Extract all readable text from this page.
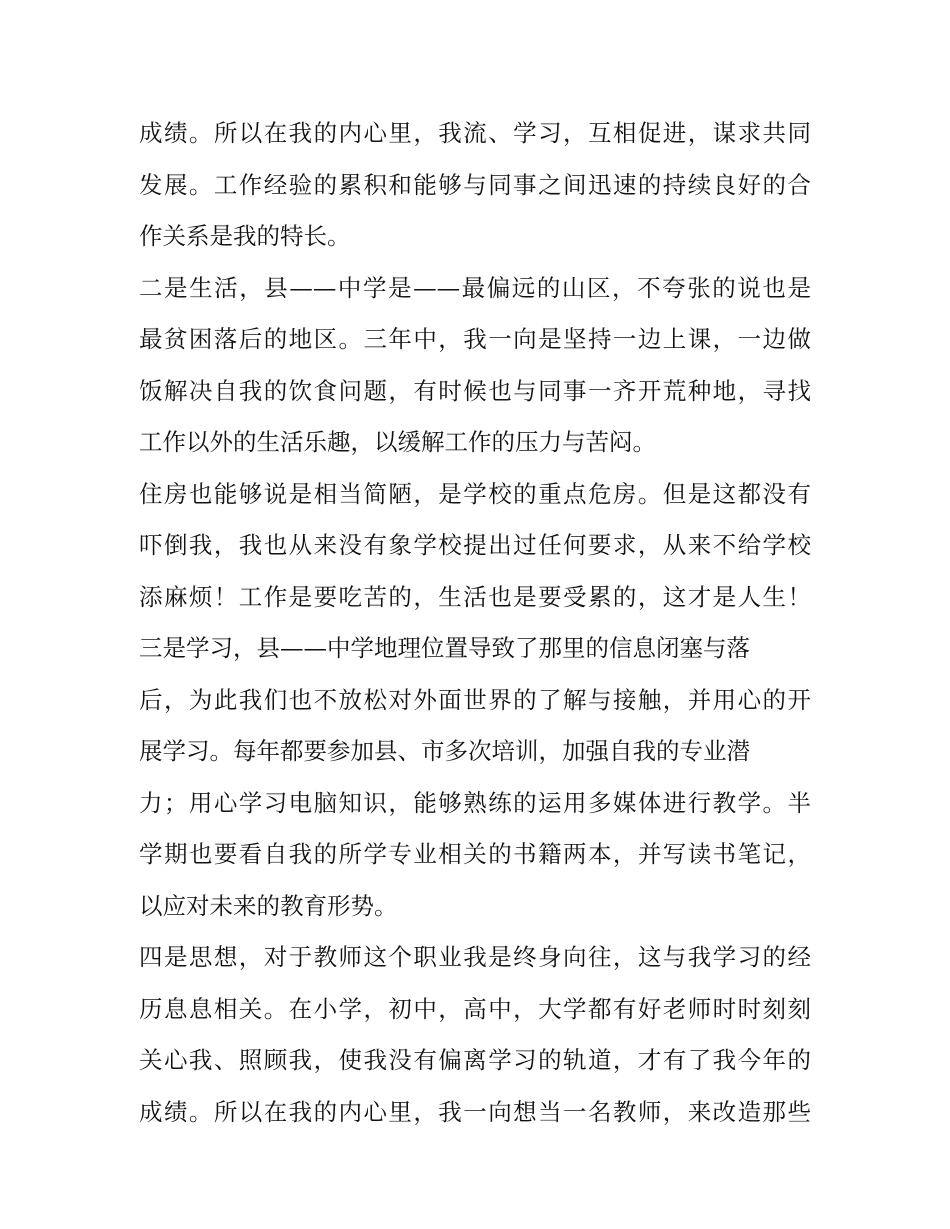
成绩。所以在我的内心里，我流、学习，互相促进，谋求共同
发展。工作经验的累积和能够与同事之间迅速的持续良好的合
作关系是我的特长。
二是生活，县——中学是——最偏远的山区，不夸张的说也是
最贫困落后的地区。三年中，我一向是坚持一边上课，一边做
饭解决自我的饮食问题，有时候也与同事一齐开荒种地，寻找
工作以外的生活乐趣，以缓解工作的压力与苦闷。
住房也能够说是相当简陋，是学校的重点危房。但是这都没有
吓倒我，我也从来没有象学校提出过任何要求，从来不给学校
添麻烦！工作是要吃苦的，生活也是要受累的，这才是人生！
三是学习，县——中学地理位置导致了那里的信息闭塞与落
后，为此我们也不放松对外面世界的了解与接触，并用心的开
展学习。每年都要参加县、市多次培训，加强自我的专业潜
力；用心学习电脑知识，能够熟练的运用多媒体进行教学。半
学期也要看自我的所学专业相关的书籍两本，并写读书笔记，
以应对未来的教育形势。
四是思想，对于教师这个职业我是终身向往，这与我学习的经
历息息相关。在小学，初中，高中，大学都有好老师时时刻刻
关心我、照顾我，使我没有偏离学习的轨道，才有了我今年的
成绩。所以在我的内心里，我一向想当一名教师，来改造那些
